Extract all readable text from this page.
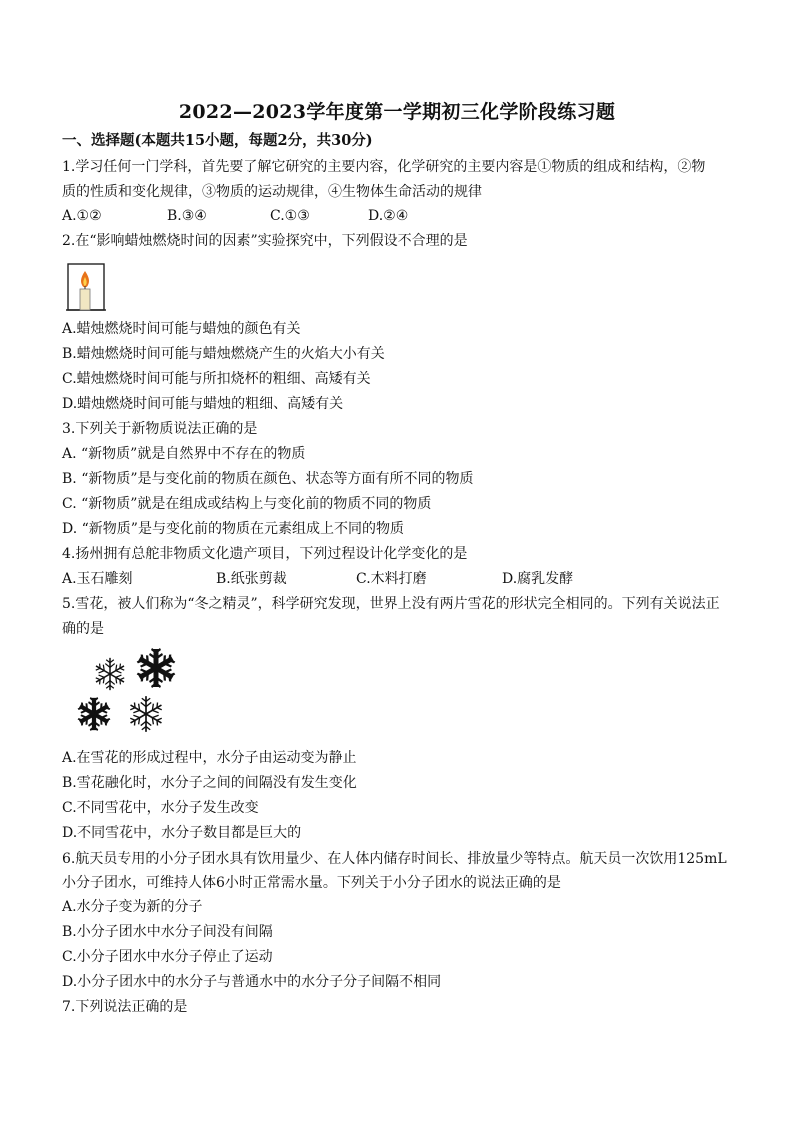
2022—2023学年度第一学期初三化学阶段练习题
一、选择题(本题共15小题，每题2分，共30分)
1.学习任何一门学科，首先要了解它研究的主要内容，化学研究的主要内容是①物质的组成和结构，②物
质的性质和变化规律，③物质的运动规律，④生物体生命活动的规律
A.①②	B.③④	C.①③	D.②④
2.在“影响蜡烛燃烧时间的因素”实验探究中，下列假设不合理的是
A.蜡烛燃烧时间可能与蜡烛的颜色有关
B.蜡烛燃烧时间可能与蜡烛燃烧产生的火焰大小有关
C.蜡烛燃烧时间可能与所扣烧杯的粗细、高矮有关
D.蜡烛燃烧时间可能与蜡烛的粗细、高矮有关
3.下列关于新物质说法正确的是
A. “新物质”就是自然界中不存在的物质
B. “新物质”是与变化前的物质在颜色、状态等方面有所不同的物质
C. “新物质”就是在组成或结构上与变化前的物质不同的物质
D. “新物质”是与变化前的物质在元素组成上不同的物质
4.扬州拥有总舵非物质文化遗产项目，下列过程设计化学变化的是
A.玉石雕刻	B.纸张剪裁	C.木料打磨	D.腐乳发酵
5.雪花，被人们称为“冬之精灵”，科学研究发现，世界上没有两片雪花的形状完全相同的。下列有关说法正
确的是
A.在雪花的形成过程中，水分子由运动变为静止
B.雪花融化时，水分子之间的间隔没有发生变化
C.不同雪花中，水分子发生改变
D.不同雪花中，水分子数目都是巨大的
6.航天员专用的小分子团水具有饮用量少、在人体内储存时间长、排放量少等特点。航天员一次饮用125mL
小分子团水，可维持人体6小时正常需水量。下列关于小分子团水的说法正确的是
A.水分子变为新的分子
B.小分子团水中水分子间没有间隔
C.小分子团水中水分子停止了运动
D.小分子团水中的水分子与普通水中的水分子分子间隔不相同
7.下列说法正确的是
